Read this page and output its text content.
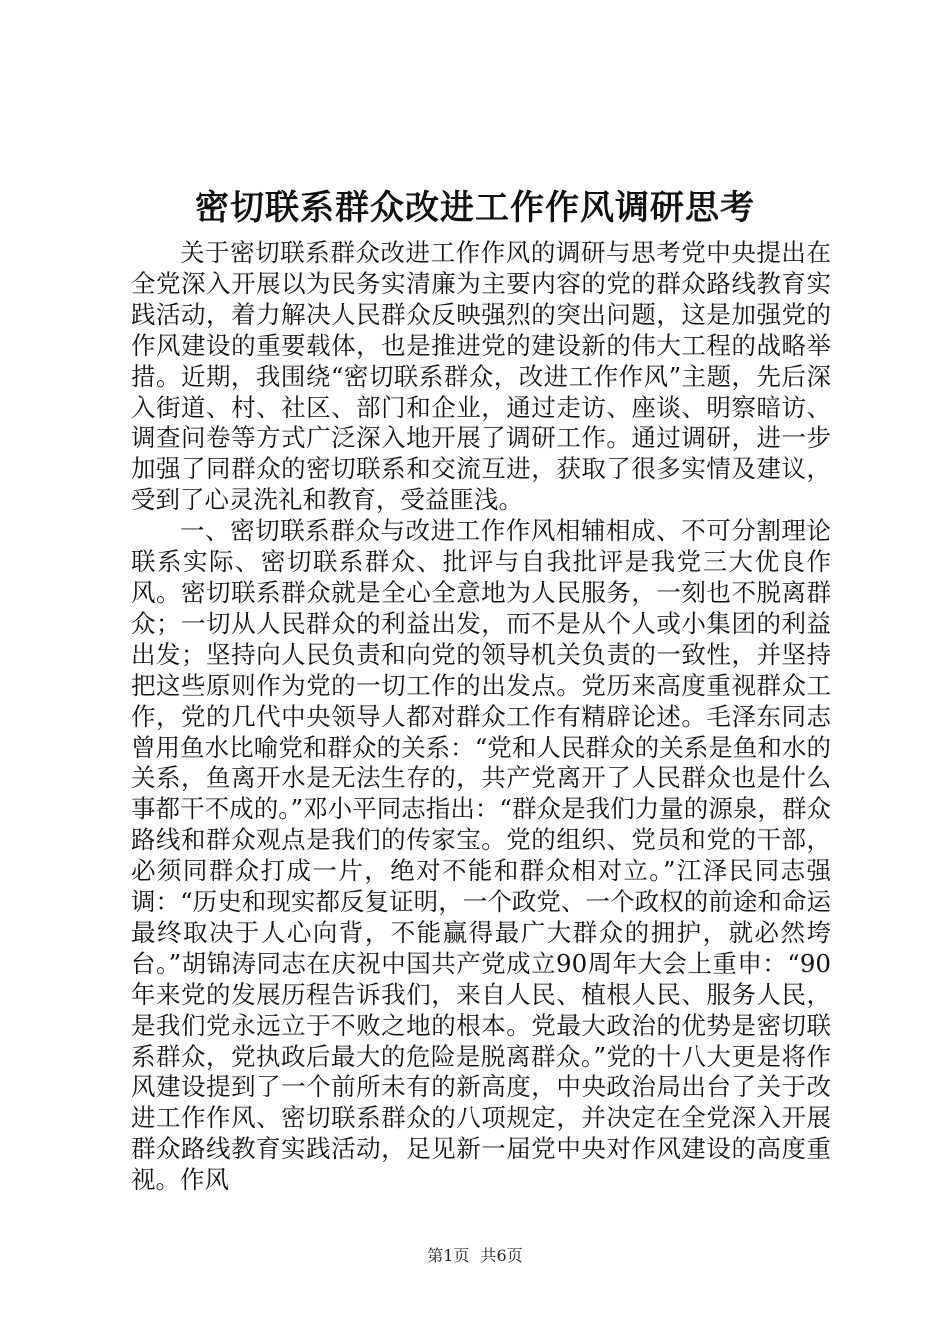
密切联系群众改进工作作风调研思考

关于密切联系群众改进工作作风的调研与思考党中央提出在全党深入开展以为民务实清廉为主要内容的党的群众路线教育实践活动，着力解决人民群众反映强烈的突出问题，这是加强党的作风建设的重要载体，也是推进党的建设新的伟大工程的战略举措。近期，我围绕“密切联系群众，改进工作作风”主题，先后深入街道、村、社区、部门和企业，通过走访、座谈、明察暗访、调查问卷等方式广泛深入地开展了调研工作。通过调研，进一步加强了同群众的密切联系和交流互进，获取了很多实情及建议，受到了心灵洗礼和教育，受益匪浅。

一、密切联系群众与改进工作作风相辅相成、不可分割理论联系实际、密切联系群众、批评与自我批评是我党三大优良作风。密切联系群众就是全心全意地为人民服务，一刻也不脱离群众；一切从人民群众的利益出发，而不是从个人或小集团的利益出发；坚持向人民负责和向党的领导机关负责的一致性，并坚持把这些原则作为党的一切工作的出发点。党历来高度重视群众工作，党的几代中央领导人都对群众工作有精辟论述。毛泽东同志曾用鱼水比喻党和群众的关系：“党和人民群众的关系是鱼和水的关系，鱼离开水是无法生存的，共产党离开了人民群众也是什么事都干不成的。”邓小平同志指出：“群众是我们力量的源泉，群众路线和群众观点是我们的传家宝。党的组织、党员和党的干部，必须同群众打成一片，绝对不能和群众相对立。”江泽民同志强调：“历史和现实都反复证明，一个政党、一个政权的前途和命运最终取决于人心向背，不能赢得最广大群众的拥护，就必然垮台。”胡锦涛同志在庆祝中国共产党成立90周年大会上重申：“90年来党的发展历程告诉我们，来自人民、植根人民、服务人民，是我们党永远立于不败之地的根本。党最大政治的优势是密切联系群众，党执政后最大的危险是脱离群众。”党的十八大更是将作风建设提到了一个前所未有的新高度，中央政治局出台了关于改进工作作风、密切联系群众的八项规定，并决定在全党深入开展群众路线教育实践活动，足见新一届党中央对作风建设的高度重视。作风

第1页 共6页
